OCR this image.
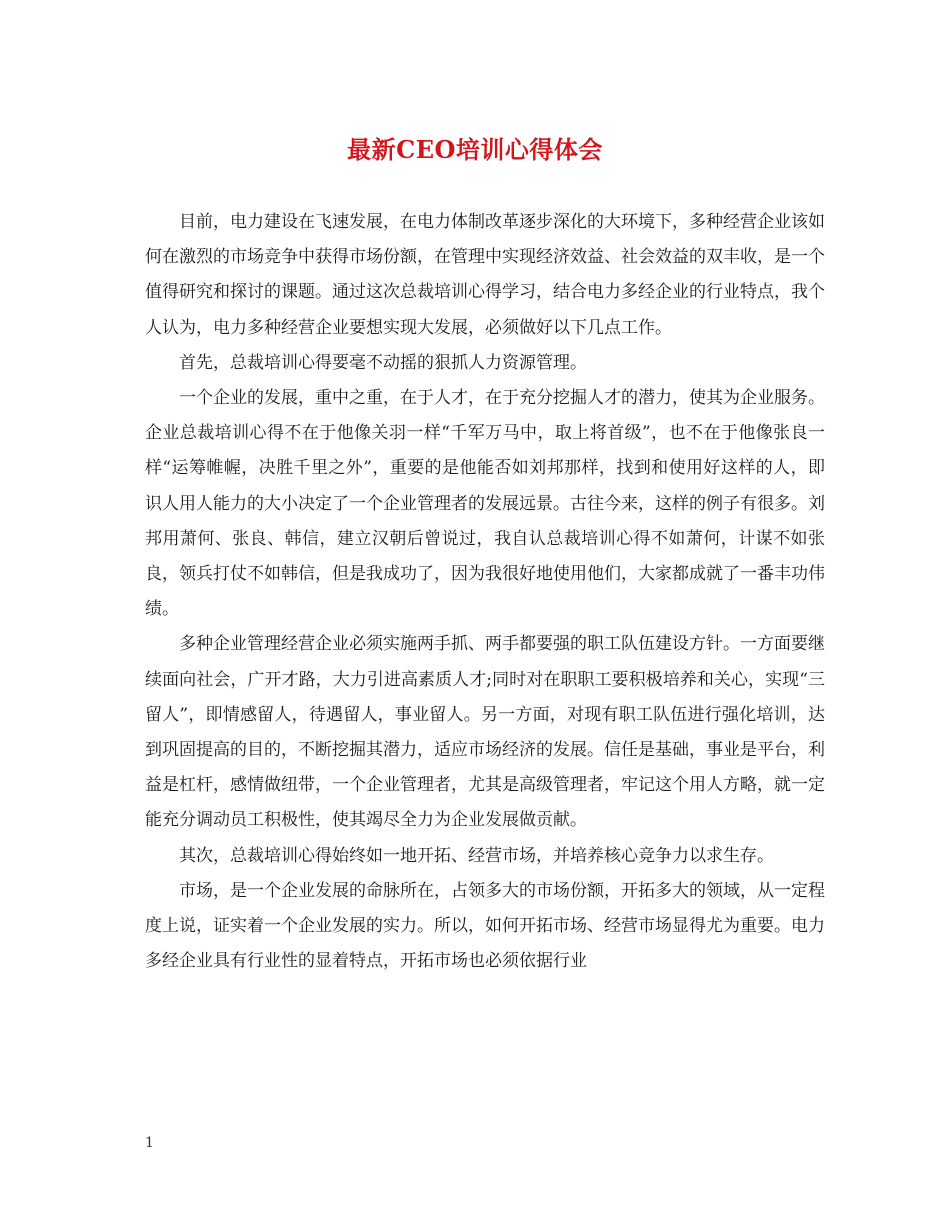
最新CEO培训心得体会

目前，电力建设在飞速发展，在电力体制改革逐步深化的大环境下，多种经营企业该如何在激烈的市场竞争中获得市场份额，在管理中实现经济效益、社会效益的双丰收，是一个值得研究和探讨的课题。通过这次总裁培训心得学习，结合电力多经企业的行业特点，我个人认为，电力多种经营企业要想实现大发展，必须做好以下几点工作。

首先，总裁培训心得要毫不动摇的狠抓人力资源管理。

一个企业的发展，重中之重，在于人才，在于充分挖掘人才的潜力，使其为企业服务。企业总裁培训心得不在于他像关羽一样“千军万马中，取上将首级”，也不在于他像张良一样“运筹帷幄，决胜千里之外”，重要的是他能否如刘邦那样，找到和使用好这样的人，即识人用人能力的大小决定了一个企业管理者的发展远景。古往今来，这样的例子有很多。刘邦用萧何、张良、韩信，建立汉朝后曾说过，我自认总裁培训心得不如萧何，计谋不如张良，领兵打仗不如韩信，但是我成功了，因为我很好地使用他们，大家都成就了一番丰功伟绩。

多种企业管理经营企业必须实施两手抓、两手都要强的职工队伍建设方针。一方面要继续面向社会，广开才路，大力引进高素质人才;同时对在职职工要积极培养和关心，实现“三留人”，即情感留人，待遇留人，事业留人。另一方面，对现有职工队伍进行强化培训，达到巩固提高的目的，不断挖掘其潜力，适应市场经济的发展。信任是基础，事业是平台，利益是杠杆，感情做纽带，一个企业管理者，尤其是高级管理者，牢记这个用人方略，就一定能充分调动员工积极性，使其竭尽全力为企业发展做贡献。

其次，总裁培训心得始终如一地开拓、经营市场，并培养核心竞争力以求生存。

市场，是一个企业发展的命脉所在，占领多大的市场份额，开拓多大的领域，从一定程度上说，证实着一个企业发展的实力。所以，如何开拓市场、经营市场显得尤为重要。电力多经企业具有行业性的显着特点，开拓市场也必须依据行业

1
